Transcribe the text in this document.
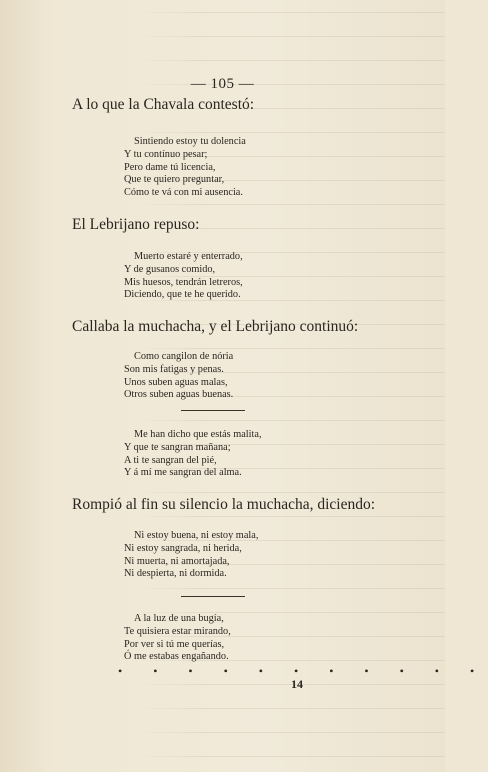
— 105 —
A lo que la Chavala contestó:
Sintiendo estoy tu dolencia
Y tu contínuo pesar;
Pero dame tú licencia,
Que te quiero preguntar,
Cómo te vá con mi ausencia.
El Lebrijano repuso:
Muerto estaré y enterrado,
Y de gusanos comido,
Mis huesos, tendrán letreros,
Diciendo, que te he querido.
Callaba la muchacha, y el Lebrijano continuó:
Como cangilon de nória
Son mis fatigas y penas.
Unos suben aguas malas,
Otros suben aguas buenas.
Me han dicho que estás malita,
Y que te sangran mañana;
A ti te sangran del pié,
Y á mí me sangran del alma.
Rompió al fin su silencio la muchacha, diciendo:
Ni estoy buena, ni estoy mala,
Ni estoy sangrada, ni herida,
Ni muerta, ni amortajada,
Ni despierta, ni dormida.
A la luz de una bugía,
Te quisiera estar mirando,
Por ver si tú me querías,
Ó me estabas engañando.
• • • • • • • • • • •
14
